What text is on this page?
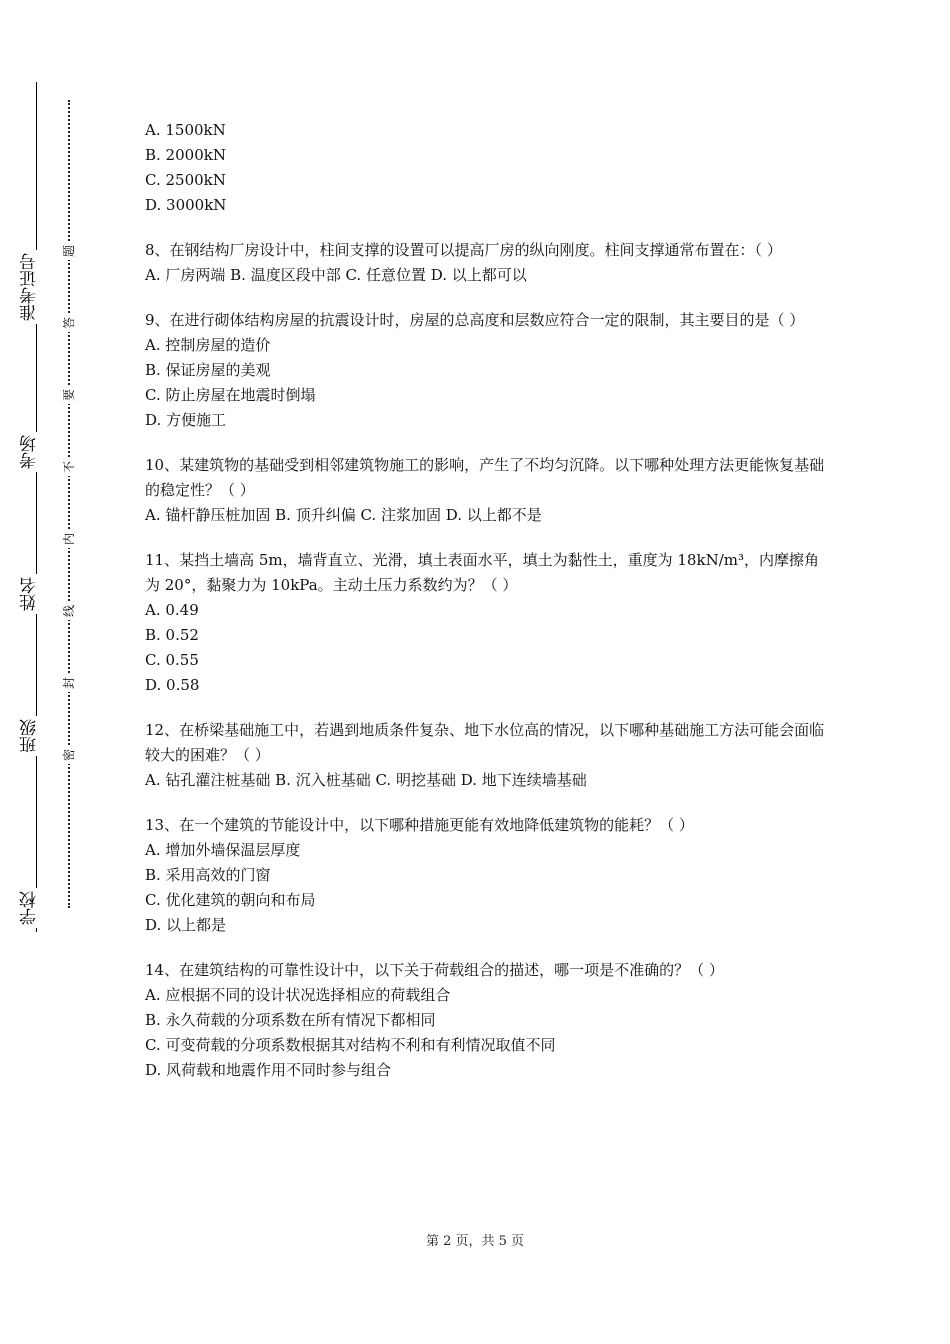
准考证号
考场
姓名
班级
学校
题
答
要
不
内
线
封
密
A. 1500kN
B. 2000kN
C. 2500kN
D. 3000kN
8、在钢结构厂房设计中，柱间支撑的设置可以提高厂房的纵向刚度。柱间支撑通常布置在：（ ）
A. 厂房两端 B. 温度区段中部 C. 任意位置 D. 以上都可以
9、在进行砌体结构房屋的抗震设计时，房屋的总高度和层数应符合一定的限制，其主要目的是（ ）
A. 控制房屋的造价
B. 保证房屋的美观
C. 防止房屋在地震时倒塌
D. 方便施工
10、某建筑物的基础受到相邻建筑物施工的影响，产生了不均匀沉降。以下哪种处理方法更能恢复基础的稳定性？（ ）
A. 锚杆静压桩加固 B. 顶升纠偏 C. 注浆加固 D. 以上都不是
11、某挡土墙高 5m，墙背直立、光滑，填土表面水平，填土为黏性土，重度为 18kN/m³，内摩擦角为 20°，黏聚力为 10kPa。主动土压力系数约为？（ ）
A. 0.49
B. 0.52
C. 0.55
D. 0.58
12、在桥梁基础施工中，若遇到地质条件复杂、地下水位高的情况，以下哪种基础施工方法可能会面临较大的困难？（ ）
A. 钻孔灌注桩基础 B. 沉入桩基础 C. 明挖基础 D. 地下连续墙基础
13、在一个建筑的节能设计中，以下哪种措施更能有效地降低建筑物的能耗？（ ）
A. 增加外墙保温层厚度
B. 采用高效的门窗
C. 优化建筑的朝向和布局
D. 以上都是
14、在建筑结构的可靠性设计中，以下关于荷载组合的描述，哪一项是不准确的？（ ）
A. 应根据不同的设计状况选择相应的荷载组合
B. 永久荷载的分项系数在所有情况下都相同
C. 可变荷载的分项系数根据其对结构不利和有利情况取值不同
D. 风荷载和地震作用不同时参与组合
第 2 页，共 5 页
